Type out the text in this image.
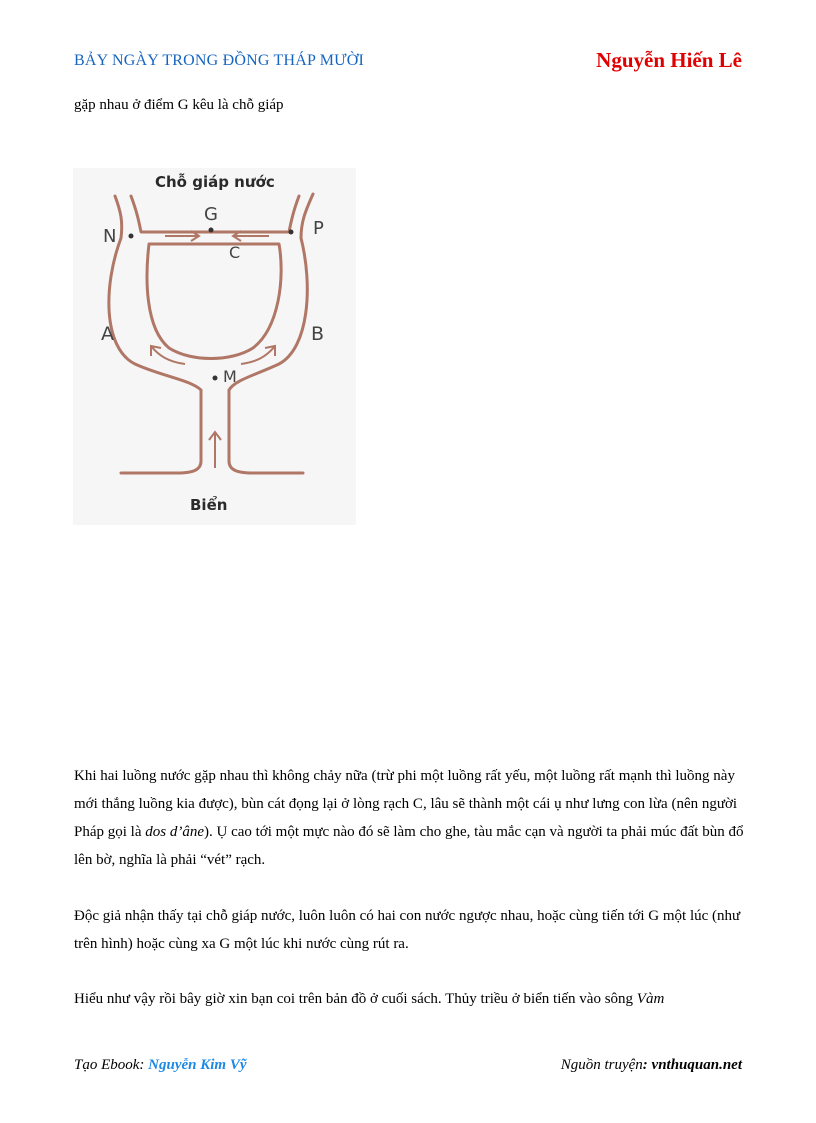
BẢY NGÀY TRONG ĐỒNG THÁP MƯỜI	Nguyễn Hiến Lê
gặp nhau ở điểm G kêu là chỗ giáp
Chỗ giáp nước
G
C
N	P
A	B
M
Biển
Khi hai luồng nước gặp nhau thì không chảy nữa (trừ phi một luồng rất yếu, một luồng rất mạnh thì luồng này mới thắng luồng kia được), bùn cát đọng lại ở lòng rạch C, lâu sẽ thành một cái ụ như lưng con lừa (nên người Pháp gọi là dos d’âne). Ụ cao tới một mực nào đó sẽ làm cho ghe, tàu mắc cạn và người ta phải múc đất bùn đổ lên bờ, nghĩa là phải “vét” rạch.
Độc giả nhận thấy tại chỗ giáp nước, luôn luôn có hai con nước ngược nhau, hoặc cùng tiến tới G một lúc (như trên hình) hoặc cùng xa G một lúc khi nước cùng rút ra.
Hiểu như vậy rồi bây giờ xin bạn coi trên bản đồ ở cuối sách. Thủy triều ở biển tiến vào sông Vàm
Tạo Ebook: Nguyễn Kim Vỹ	Nguồn truyện: vnthuquan.net
